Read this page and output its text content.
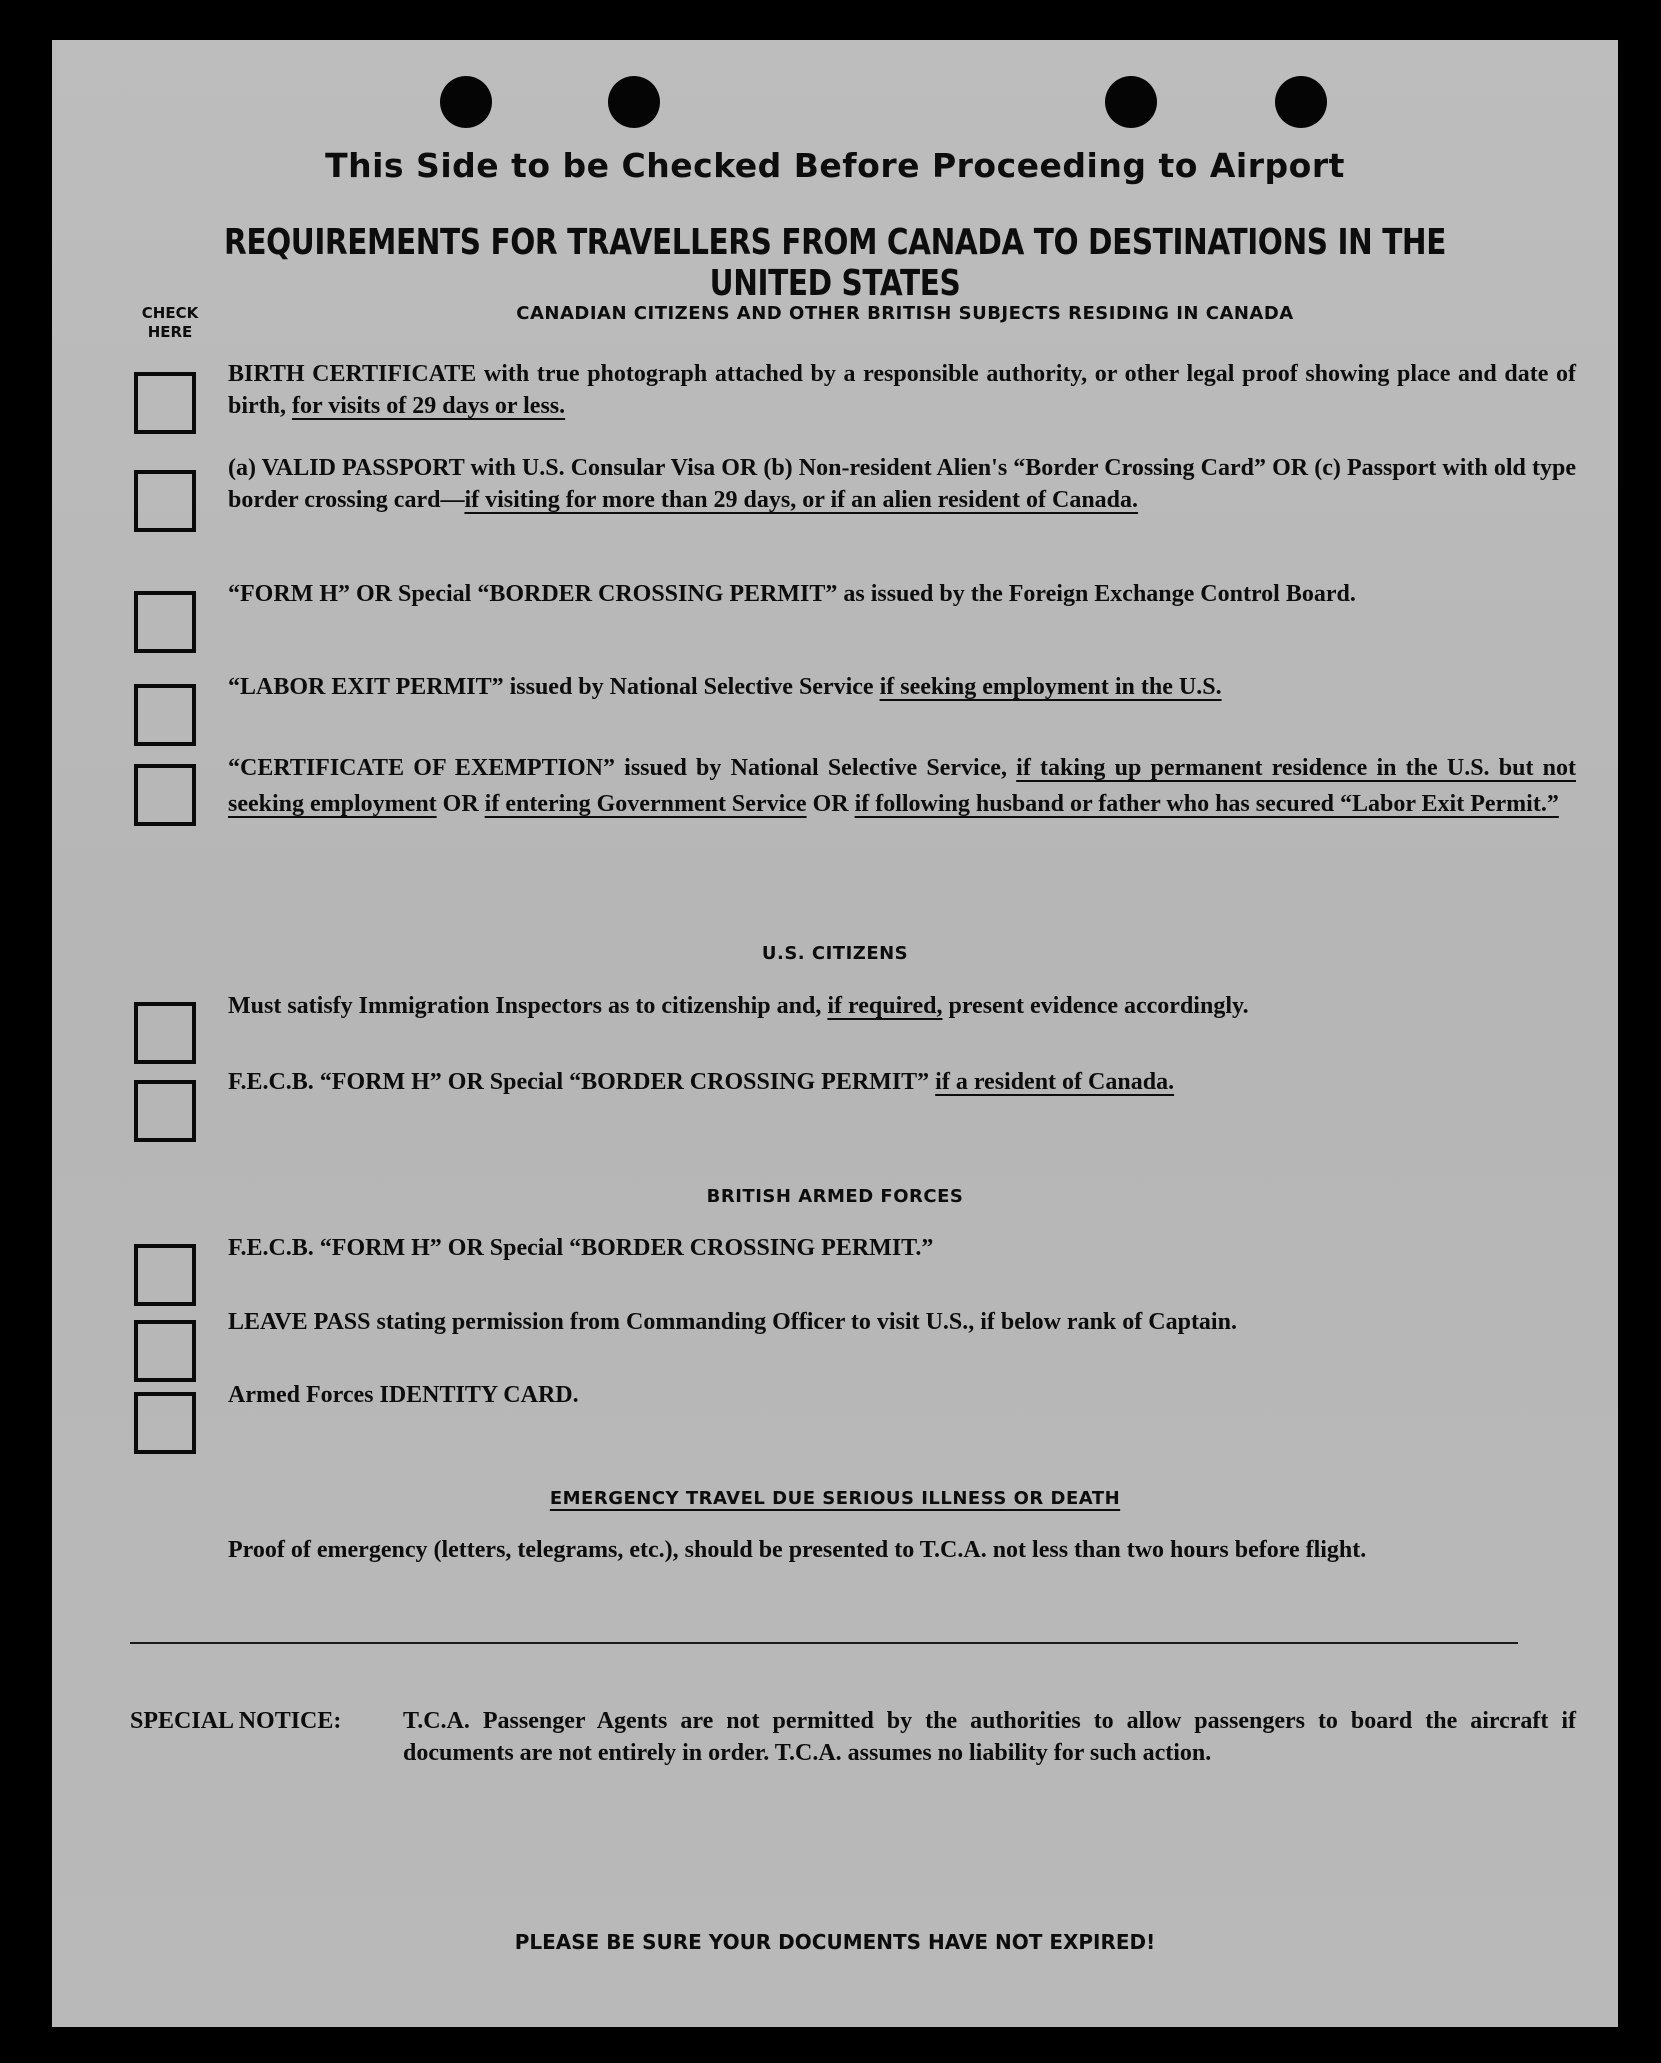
This Side to be Checked Before Proceeding to Airport
REQUIREMENTS FOR TRAVELLERS FROM CANADA TO DESTINATIONS IN THE UNITED STATES
CHECK HERE
CANADIAN CITIZENS AND OTHER BRITISH SUBJECTS RESIDING IN CANADA
BIRTH CERTIFICATE with true photograph attached by a responsible authority, or other legal proof showing place and date of birth, for visits of 29 days or less.
(a) VALID PASSPORT with U.S. Consular Visa OR (b) Non-resident Alien's “Border Crossing Card” OR (c) Passport with old type border crossing card—if visiting for more than 29 days, or if an alien resident of Canada.
“FORM H” OR Special “BORDER CROSSING PERMIT” as issued by the Foreign Exchange Control Board.
“LABOR EXIT PERMIT” issued by National Selective Service if seeking employment in the U.S.
“CERTIFICATE OF EXEMPTION” issued by National Selective Service, if taking up permanent residence in the U.S. but not seeking employment OR if entering Government Service OR if following husband or father who has secured “Labor Exit Permit.”
U.S. CITIZENS
Must satisfy Immigration Inspectors as to citizenship and, if required, present evidence accordingly.
F.E.C.B. “FORM H” OR Special “BORDER CROSSING PERMIT” if a resident of Canada.
BRITISH ARMED FORCES
F.E.C.B. “FORM H” OR Special “BORDER CROSSING PERMIT.”
LEAVE PASS stating permission from Commanding Officer to visit U.S., if below rank of Captain.
Armed Forces IDENTITY CARD.
EMERGENCY TRAVEL DUE SERIOUS ILLNESS OR DEATH
Proof of emergency (letters, telegrams, etc.), should be presented to T.C.A. not less than two hours before flight.
SPECIAL NOTICE:	T.C.A. Passenger Agents are not permitted by the authorities to allow passengers to board the aircraft if documents are not entirely in order. T.C.A. assumes no liability for such action.
PLEASE BE SURE YOUR DOCUMENTS HAVE NOT EXPIRED!
